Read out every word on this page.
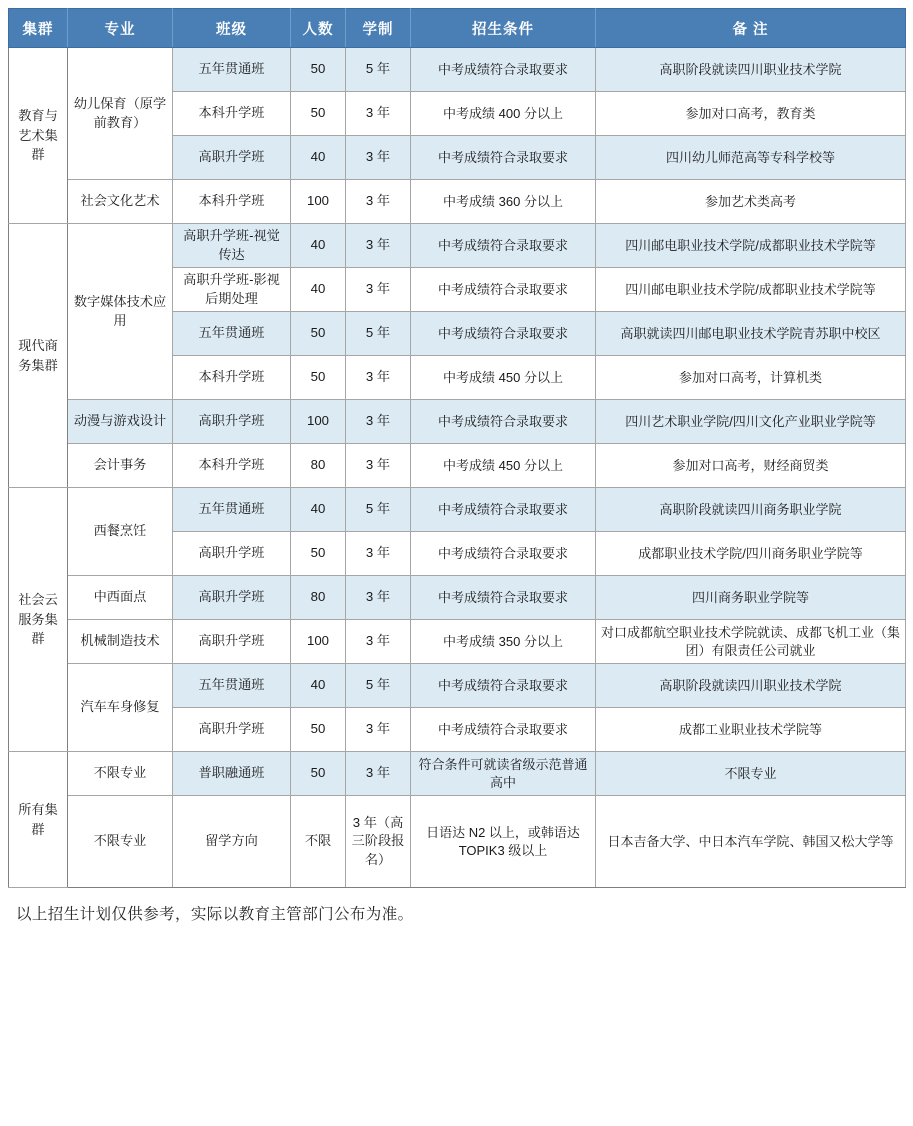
集群	专业	班级	人数	学制	招生条件	备 注
教育与艺术集群	幼儿保育（原学前教育）	五年贯通班	50	5 年	中考成绩符合录取要求	高职阶段就读四川职业技术学院
		本科升学班	50	3 年	中考成绩 400 分以上	参加对口高考，教育类
		高职升学班	40	3 年	中考成绩符合录取要求	四川幼儿师范高等专科学校等
	社会文化艺术	本科升学班	100	3 年	中考成绩 360 分以上	参加艺术类高考
现代商务集群	数字媒体技术应用	高职升学班-视觉传达	40	3 年	中考成绩符合录取要求	四川邮电职业技术学院/成都职业技术学院等
		高职升学班-影视后期处理	40	3 年	中考成绩符合录取要求	四川邮电职业技术学院/成都职业技术学院等
		五年贯通班	50	5 年	中考成绩符合录取要求	高职就读四川邮电职业技术学院青苏职中校区
		本科升学班	50	3 年	中考成绩 450 分以上	参加对口高考，计算机类
	动漫与游戏设计	高职升学班	100	3 年	中考成绩符合录取要求	四川艺术职业学院/四川文化产业职业学院等
	会计事务	本科升学班	80	3 年	中考成绩 450 分以上	参加对口高考，财经商贸类
社会云服务集群	西餐烹饪	五年贯通班	40	5 年	中考成绩符合录取要求	高职阶段就读四川商务职业学院
		高职升学班	50	3 年	中考成绩符合录取要求	成都职业技术学院/四川商务职业学院等
	中西面点	高职升学班	80	3 年	中考成绩符合录取要求	四川商务职业学院等
	机械制造技术	高职升学班	100	3 年	中考成绩 350 分以上	对口成都航空职业技术学院就读、成都飞机工业（集团）有限责任公司就业
	汽车车身修复	五年贯通班	40	5 年	中考成绩符合录取要求	高职阶段就读四川职业技术学院
		高职升学班	50	3 年	中考成绩符合录取要求	成都工业职业技术学院等
所有集群	不限专业	普职融通班	50	3 年	符合条件可就读省级示范普通高中	不限专业
	不限专业	留学方向	不限	3 年（高三阶段报名）	日语达 N2 以上，或韩语达 TOPIK3 级以上	日本吉备大学、中日本汽车学院、韩国又松大学等
以上招生计划仅供参考，实际以教育主管部门公布为准。
